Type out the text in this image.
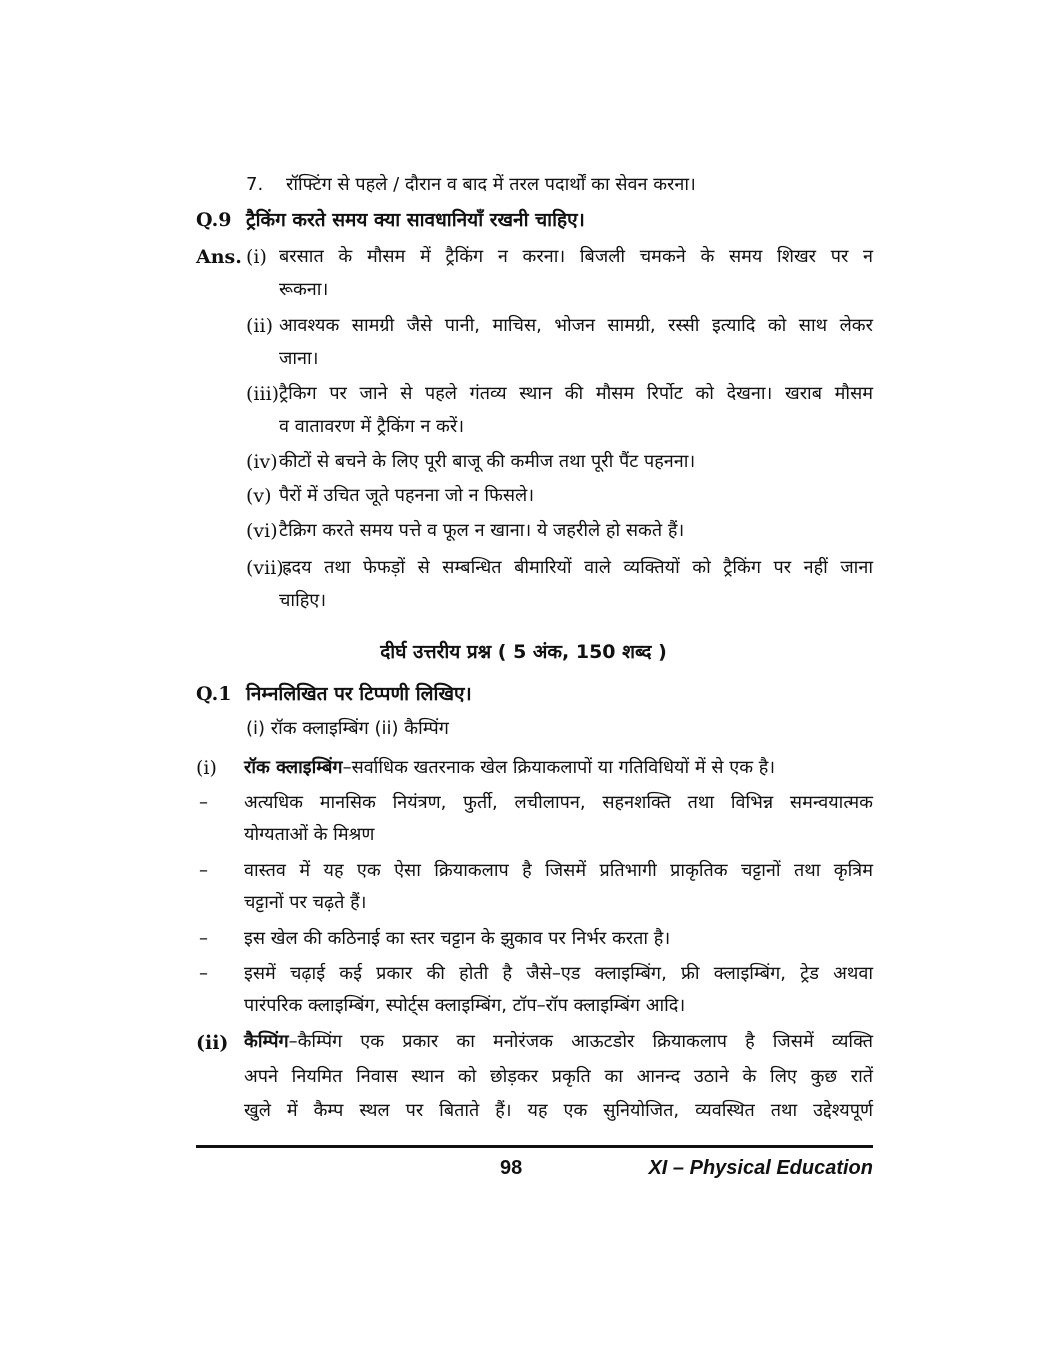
7. रॉफ्टिंग से पहले / दौरान व बाद में तरल पदार्थों का सेवन करना।
Q.9 ट्रैकिंग करते समय क्या सावधानियाँ रखनी चाहिए।
Ans. (i) बरसात के मौसम में ट्रैकिंग न करना। बिजली चमकने के समय शिखर पर न
रूकना।
(ii) आवश्यक सामग्री जैसे पानी, माचिस, भोजन सामग्री, रस्सी इत्यादि को साथ लेकर
जाना।
(iii) ट्रैकिग पर जाने से पहले गंतव्य स्थान की मौसम रिर्पोट को देखना। खराब मौसम
व वातावरण में ट्रैकिंग न करें।
(iv) कीटों से बचने के लिए पूरी बाजू की कमीज तथा पूरी पैंट पहनना।
(v) पैरों में उचित जूते पहनना जो न फिसले।
(vi) टैक्रिग करते समय पत्ते व फूल न खाना। ये जहरीले हो सकते हैं।
(vii)
ह्रदय तथा फेफड़ों से सम्बन्धित बीमारियों वाले व्यक्तियों को ट्रैकिंग पर नहीं जाना
चाहिए।
दीर्घ उत्तरीय प्रश्न ( 5 अंक, 150 शब्द )
Q.1 निम्नलिखित पर टिप्पणी लिखिए।
(i) रॉक क्लाइम्बिंग (ii) कैम्पिंग
(i) रॉक क्लाइम्बिंग–सर्वाधिक खतरनाक खेल क्रियाकलापों या गतिविधियों में से एक है।
– अत्यधिक मानसिक नियंत्रण, फुर्ती, लचीलापन, सहनशक्ति तथा विभिन्न समन्वयात्मक
योग्यताओं के मिश्रण
– वास्तव में यह एक ऐसा क्रियाकलाप है जिसमें प्रतिभागी प्राकृतिक चट्टानों तथा कृत्रिम
चट्टानों पर चढ़ते हैं।
– इस खेल की कठिनाई का स्तर चट्टान के झुकाव पर निर्भर करता है।
– इसमें चढ़ाई कई प्रकार की होती है जैसे–एड क्लाइम्बिंग, फ्री क्लाइम्बिंग, ट्रेड अथवा
पारंपरिक क्लाइम्बिंग, स्पोर्ट्स क्लाइम्बिंग, टॉप–रॉप क्लाइम्बिंग आदि।
(ii) कैम्पिंग–कैम्पिंग एक प्रकार का मनोरंजक आऊटडोर क्रियाकलाप है जिसमें व्यक्ति
अपने नियमित निवास स्थान को छोड़कर प्रकृति का आनन्द उठाने के लिए कुछ रातें
खुले में कैम्प स्थल पर बिताते हैं। यह एक सुनियोजित, व्यवस्थित तथा उद्देश्यपूर्ण
98	XI – Physical Education
